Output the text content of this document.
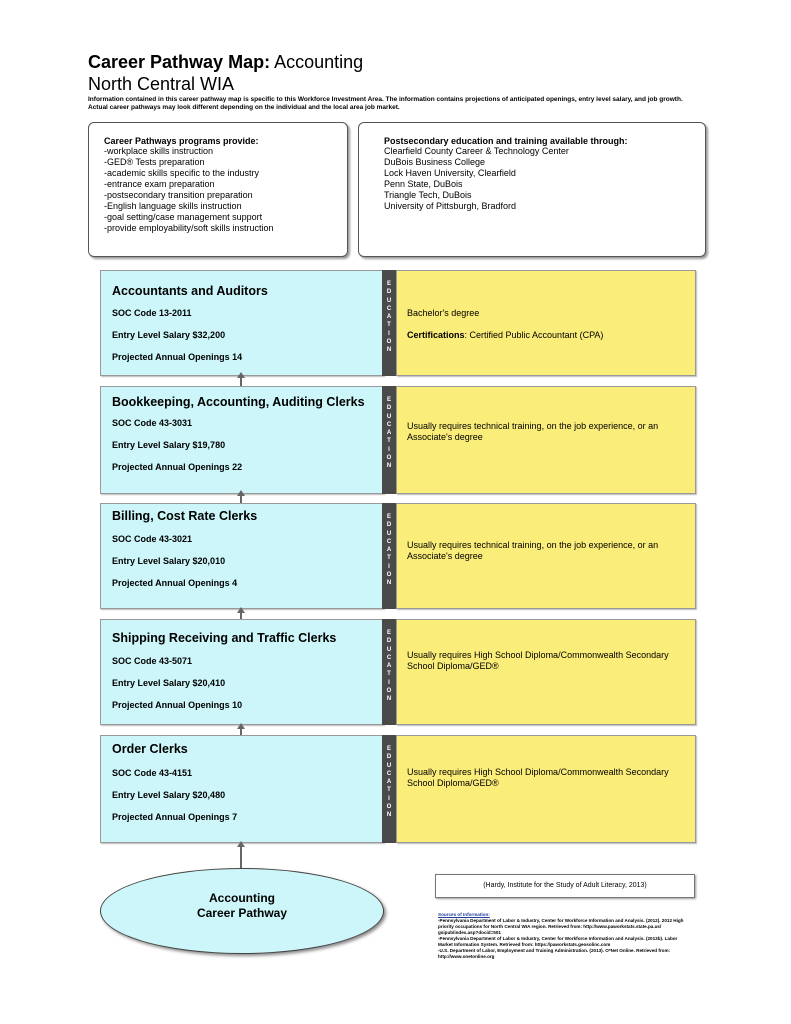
Career Pathway Map: Accounting
North Central WIA
Information contained in this career pathway map is specific to this Workforce Investment Area. The information contains projections of anticipated openings, entry level salary, and job growth.
Actual career pathways may look different depending on the individual and the local area job market.
Career Pathways programs provide:
-workplace skills instruction
-GED® Tests preparation
-academic skills specific to the industry
-entrance exam preparation
-postsecondary transition preparation
-English language skills instruction
-goal setting/case management support
-provide employability/soft skills instruction
Postsecondary education and training available through:
Clearfield County Career & Technology Center
DuBois Business College
Lock Haven University, Clearfield
Penn State, DuBois
Triangle Tech, DuBois
University of Pittsburgh, Bradford
Accountants and Auditors
SOC Code 13-2011
Entry Level Salary $32,200
Projected Annual Openings 14
E
D
U
C
A
T
I
O
N
Bachelor's degree
Certifications: Certified Public Accountant (CPA)
Bookkeeping, Accounting, Auditing Clerks
SOC Code 43-3031
Entry Level Salary $19,780
Projected Annual Openings 22
E
D
U
C
A
T
I
O
N
Usually requires technical training, on the job experience, or an Associate's degree
Billing, Cost Rate Clerks
SOC Code 43-3021
Entry Level Salary $20,010
Projected Annual Openings 4
E
D
U
C
A
T
I
O
N
Usually requires technical training, on the job experience, or an Associate's degree
Shipping Receiving and Traffic Clerks
SOC Code 43-5071
Entry Level Salary $20,410
Projected Annual Openings 10
E
D
U
C
A
T
I
O
N
Usually requires High School Diploma/Commonwealth Secondary School Diploma/GED®
Order Clerks
SOC Code 43-4151
Entry Level Salary $20,480
Projected Annual Openings 7
E
D
U
C
A
T
I
O
N
Usually requires High School Diploma/Commonwealth Secondary School Diploma/GED®
Accounting
Career Pathway
(Hardy, Institute for the Study of Adult Literacy, 2013)
Sources of Information:
-Pennsylvania Department of Labor & Industry, Center for Workforce Information and Analysis. (2012). 2012 High priority occupations for North Central WIA region. Retrieved from: http://www.paworkstats.state.pa.us/ gsipub/index.asp?docid=501
-Pennsylvania Department of Labor & Industry, Center for Workforce Information and Analysis. (2013b). Labor Market Information System. Retrieved from: https://paworkstats.geosolinc.com
-U.S. Department of Labor, Employment and Training Administration. (2013). O*Net Online. Retrieved from: http://www.onetonline.org
